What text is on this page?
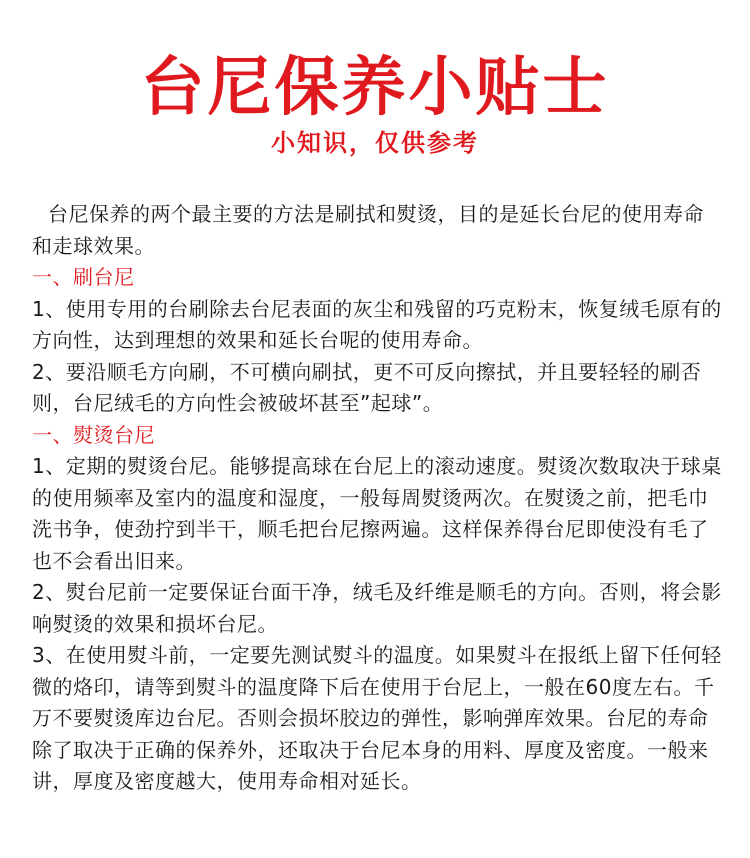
台尼保养小贴士
小知识，仅供参考

台尼保养的两个最主要的方法是刷拭和熨烫，目的是延长台尼的使用寿命和走球效果。

一、刷台尼

1、使用专用的台刷除去台尼表面的灰尘和残留的巧克粉末，恢复绒毛原有的方向性，达到理想的效果和延长台呢的使用寿命。

2、要沿顺毛方向刷，不可横向刷拭，更不可反向擦拭，并且要轻轻的刷否则，台尼绒毛的方向性会被破坏甚至”起球”。

一、熨烫台尼

1、定期的熨烫台尼。能够提高球在台尼上的滚动速度。熨烫次数取决于球桌的使用频率及室内的温度和湿度，一般每周熨烫两次。在熨烫之前，把毛巾洗书争，使劲拧到半干，顺毛把台尼擦两遍。这样保养得台尼即使没有毛了也不会看出旧来。

2、熨台尼前一定要保证台面干净，绒毛及纤维是顺毛的方向。否则，将会影响熨烫的效果和损坏台尼。

3、在使用熨斗前，一定要先测试熨斗的温度。如果熨斗在报纸上留下任何轻微的烙印，请等到熨斗的温度降下后在使用于台尼上，一般在60度左右。千万不要熨烫库边台尼。否则会损坏胶边的弹性，影响弹库效果。台尼的寿命除了取决于正确的保养外，还取决于台尼本身的用料、厚度及密度。一般来讲，厚度及密度越大，使用寿命相对延长。
